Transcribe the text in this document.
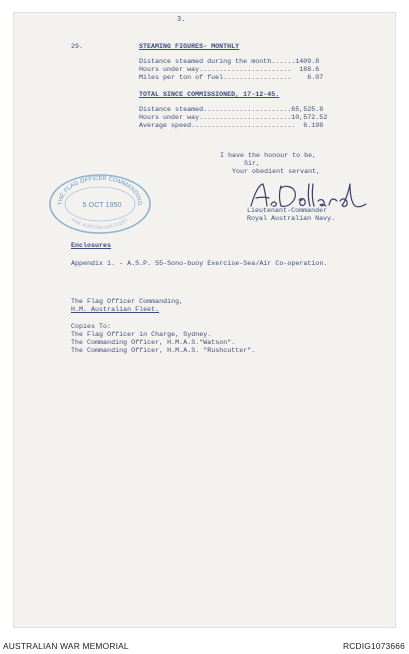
3.
29.	STEAMING FIGURES- MONTHLY
Distance steamed during the month......1409.8
Hours under way.......................  188.6
Miles per ton of fuel.................    6.07
TOTAL SINCE COMMISSIONED, 17-12-45.
Distance steamed......................65,525.8
Hours under way.......................10,572.52
Average speed..........................  6.198
I have the honour to be,
Sir,
Your obedient servant,
Lieutenant-Commander
Royal Australian Navy.
Enclosures
Appendix 1. - A.S.P. 55-Sono-buoy Exercise-Sea/Air Co-operation.
The Flag Officer Commanding,
H.M. Australian Fleet.
Copies To:
The Flag Officer in Charge, Sydney.
The Commanding Officer, H.M.A.S."Watson".
The Commanding Officer, H.M.A.S. "Rushcutter".
THE FLAG OFFICER COMMANDING
5 OCT 1950
H.M. AUSTRALIAN FLEET
AUSTRALIAN WAR MEMORIAL	RCDIG1073666
